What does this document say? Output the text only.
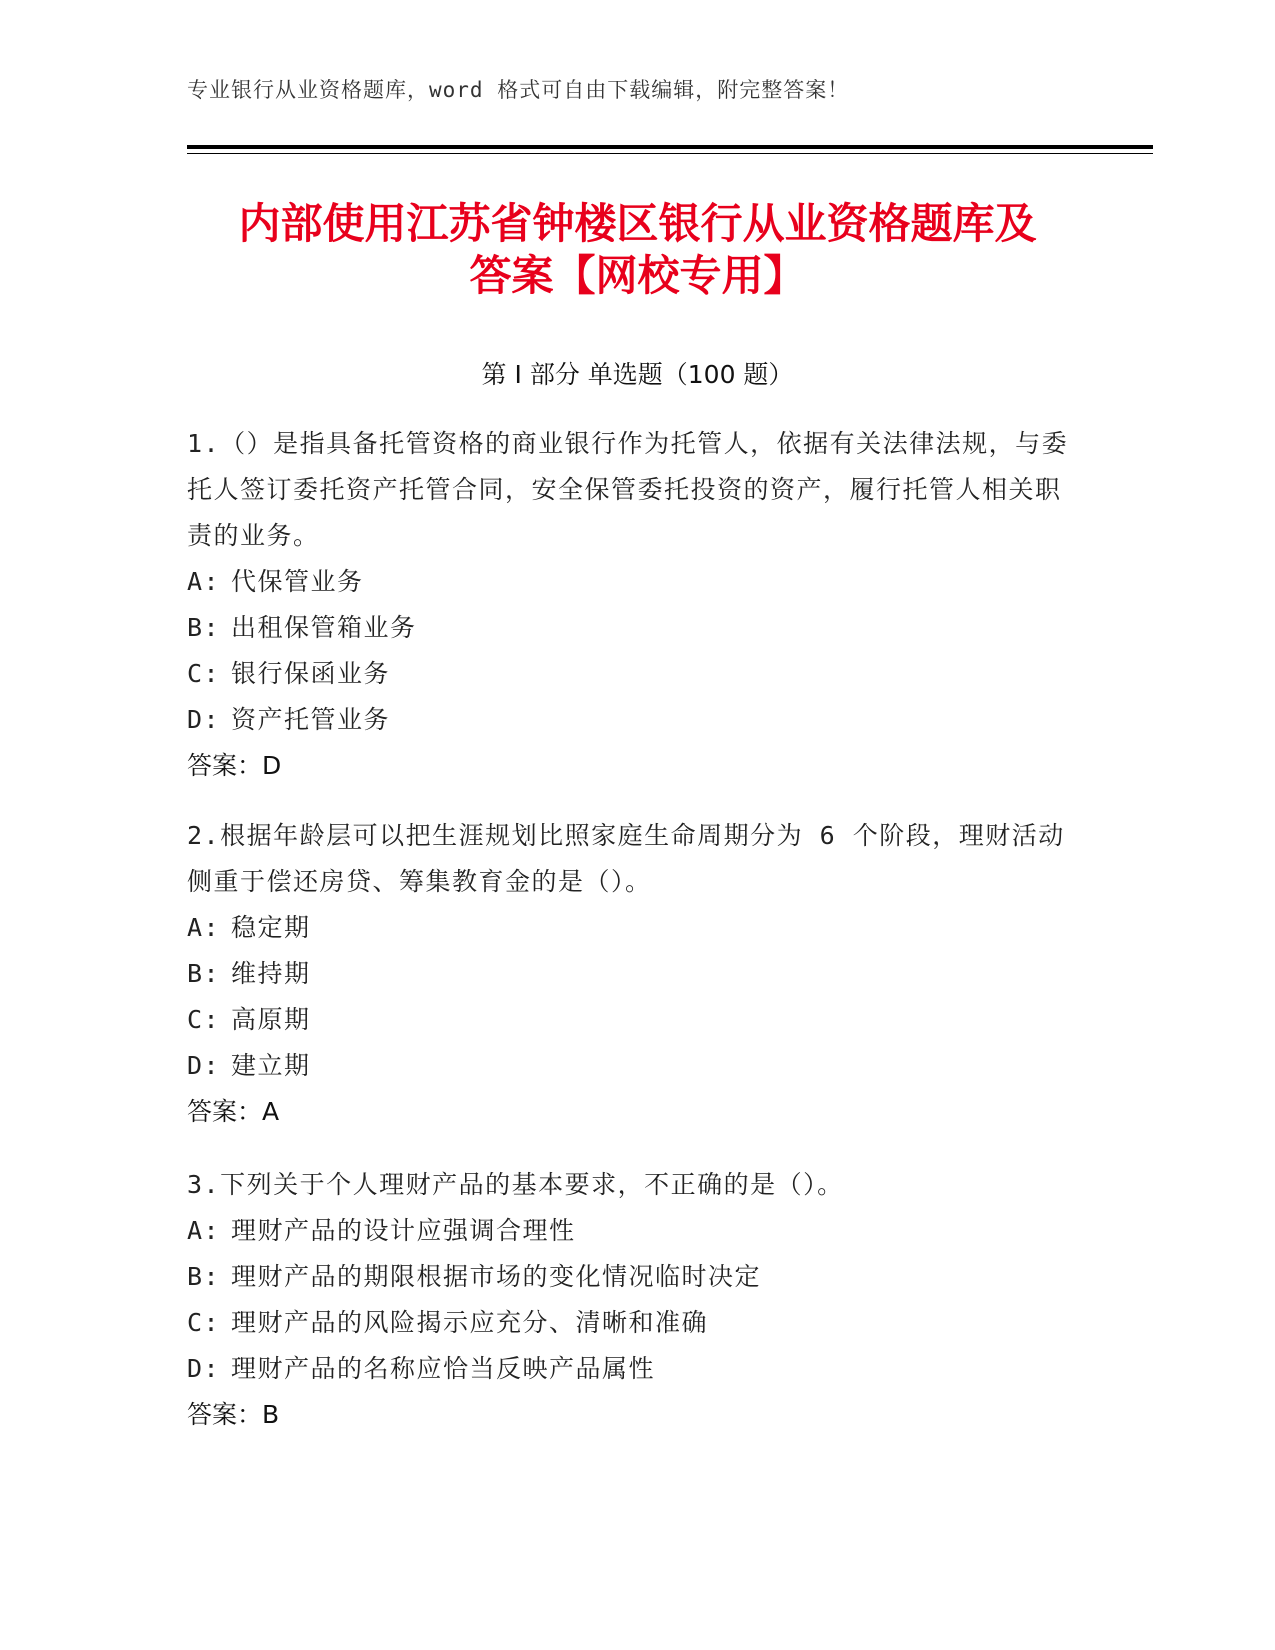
专业银行从业资格题库，word 格式可自由下载编辑，附完整答案！
内部使用江苏省钟楼区银行从业资格题库及
答案【网校专用】
第 I 部分 单选题（100 题）

1.（）是指具备托管资格的商业银行作为托管人，依据有关法律法规，与委托人签订委托资产托管合同，安全保管委托投资的资产，履行托管人相关职责的业务。

A: 代保管业务

B: 出租保管箱业务

C: 银行保函业务

D: 资产托管业务

答案：D

2.根据年龄层可以把生涯规划比照家庭生命周期分为 6 个阶段，理财活动侧重于偿还房贷、筹集教育金的是（）。

A: 稳定期

B: 维持期

C: 高原期

D: 建立期

答案：A

3.下列关于个人理财产品的基本要求，不正确的是（）。

A: 理财产品的设计应强调合理性

B: 理财产品的期限根据市场的变化情况临时决定

C: 理财产品的风险揭示应充分、清晰和准确

D: 理财产品的名称应恰当反映产品属性

答案：B
